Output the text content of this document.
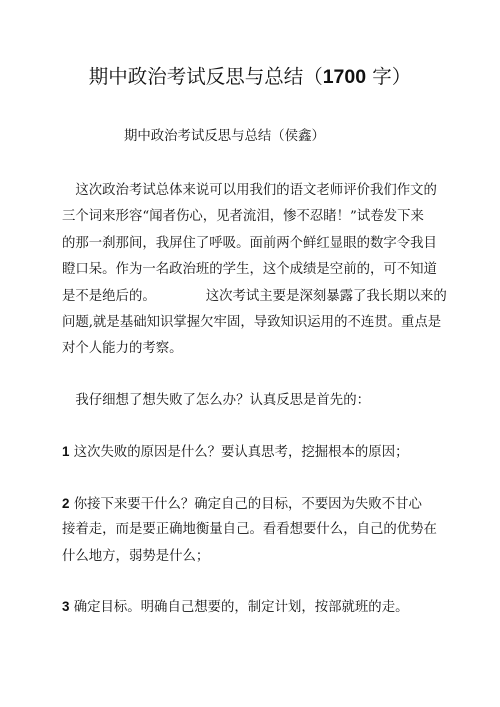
期中政治考试反思与总结（1700 字）
期中政治考试反思与总结（侯鑫）
　这次政治考试总体来说可以用我们的语文老师评价我们作文的
三个词来形容“闻者伤心，见者流泪，惨不忍睹！”试卷发下来
的那一刹那间，我屏住了呼吸。面前两个鲜红显眼的数字令我目
瞪口呆。作为一名政治班的学生，这个成绩是空前的，可不知道
是不是绝后的。	这次考试主要是深刻暴露了我长期以来的
问题,就是基础知识掌握欠牢固，导致知识运用的不连贯。重点是
对个人能力的考察。
　我仔细想了想失败了怎么办？认真反思是首先的：
1 这次失败的原因是什么？要认真思考，挖掘根本的原因；
2 你接下来要干什么？确定自己的目标，不要因为失败不甘心
接着走，而是要正确地衡量自己。看看想要什么，自己的优势在
什么地方，弱势是什么；
3 确定目标。明确自己想要的，制定计划，按部就班的走。
